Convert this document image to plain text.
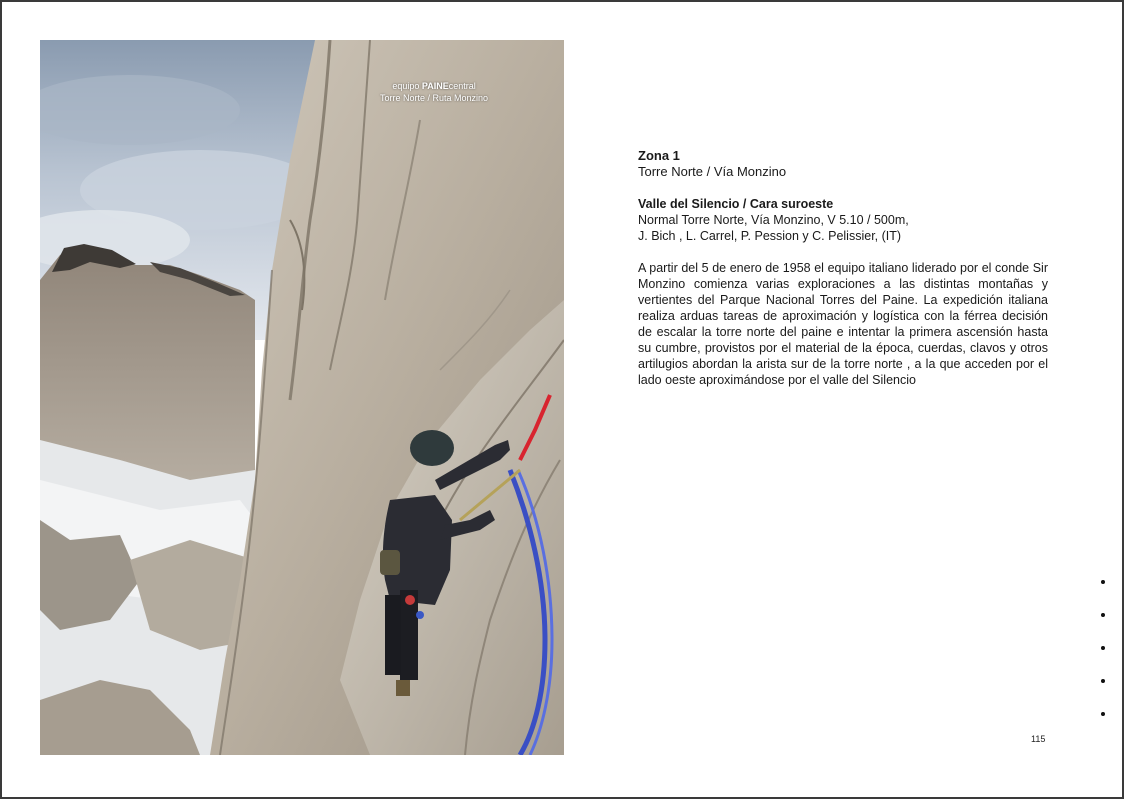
equipo PAINEcentral
Torre Norte / Ruta Monzino
Zona 1
Torre Norte / Vía Monzino
Valle del Silencio / Cara suroeste
Normal Torre Norte, Vía Monzino, V 5.10 / 500m,
J. Bich , L. Carrel, P. Pession y C. Pelissier, (IT)
A partir del 5 de enero de 1958 el equipo italiano liderado por el conde Sir Monzino comienza varias exploraciones a las distintas montañas y vertientes del Parque Nacional Torres del Paine. La expedición italiana realiza arduas tareas de aproximación y logística con la férrea decisión de escalar la torre norte del paine e intentar la primera ascensión hasta su cumbre, provistos por el material de la época, cuerdas, clavos y otros artilugios abordan la arista sur de la torre norte , a la que acceden por el lado oeste aproximándose por el valle del Silencio
115
